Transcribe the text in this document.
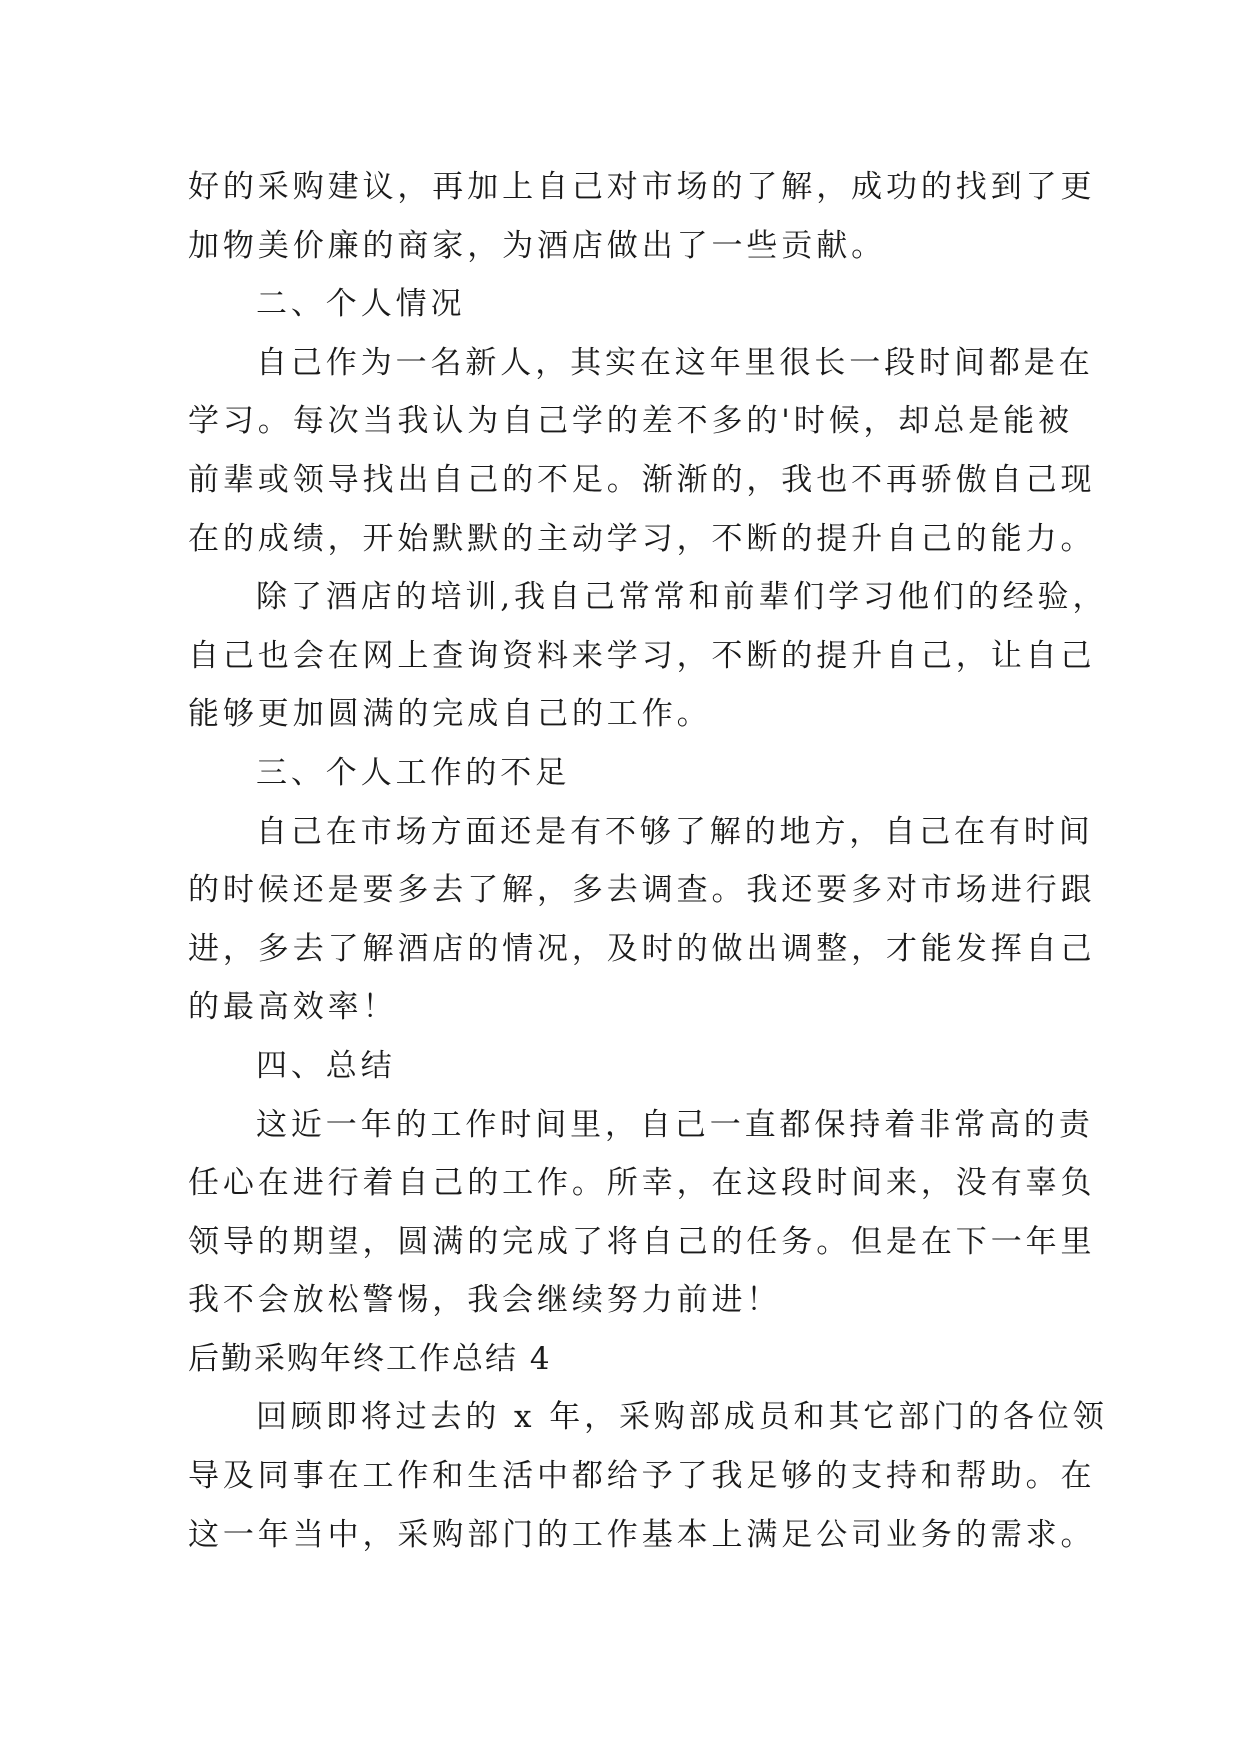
好的采购建议，再加上自己对市场的了解，成功的找到了更
加物美价廉的商家，为酒店做出了一些贡献。
二、个人情况
自己作为一名新人，其实在这年里很长一段时间都是在
学习。每次当我认为自己学的差不多的'时候，却总是能被
前辈或领导找出自己的不足。渐渐的，我也不再骄傲自己现
在的成绩，开始默默的主动学习，不断的提升自己的能力。
除了酒店的培训,我自己常常和前辈们学习他们的经验，
自己也会在网上查询资料来学习，不断的提升自己，让自己
能够更加圆满的完成自己的工作。
三、个人工作的不足
自己在市场方面还是有不够了解的地方，自己在有时间
的时候还是要多去了解，多去调查。我还要多对市场进行跟
进，多去了解酒店的情况，及时的做出调整，才能发挥自己
的最高效率！
四、总结
这近一年的工作时间里，自己一直都保持着非常高的责
任心在进行着自己的工作。所幸，在这段时间来，没有辜负
领导的期望，圆满的完成了将自己的任务。但是在下一年里
我不会放松警惕，我会继续努力前进！
后勤采购年终工作总结 4
回顾即将过去的 x 年，采购部成员和其它部门的各位领
导及同事在工作和生活中都给予了我足够的支持和帮助。在
这一年当中，采购部门的工作基本上满足公司业务的需求。
